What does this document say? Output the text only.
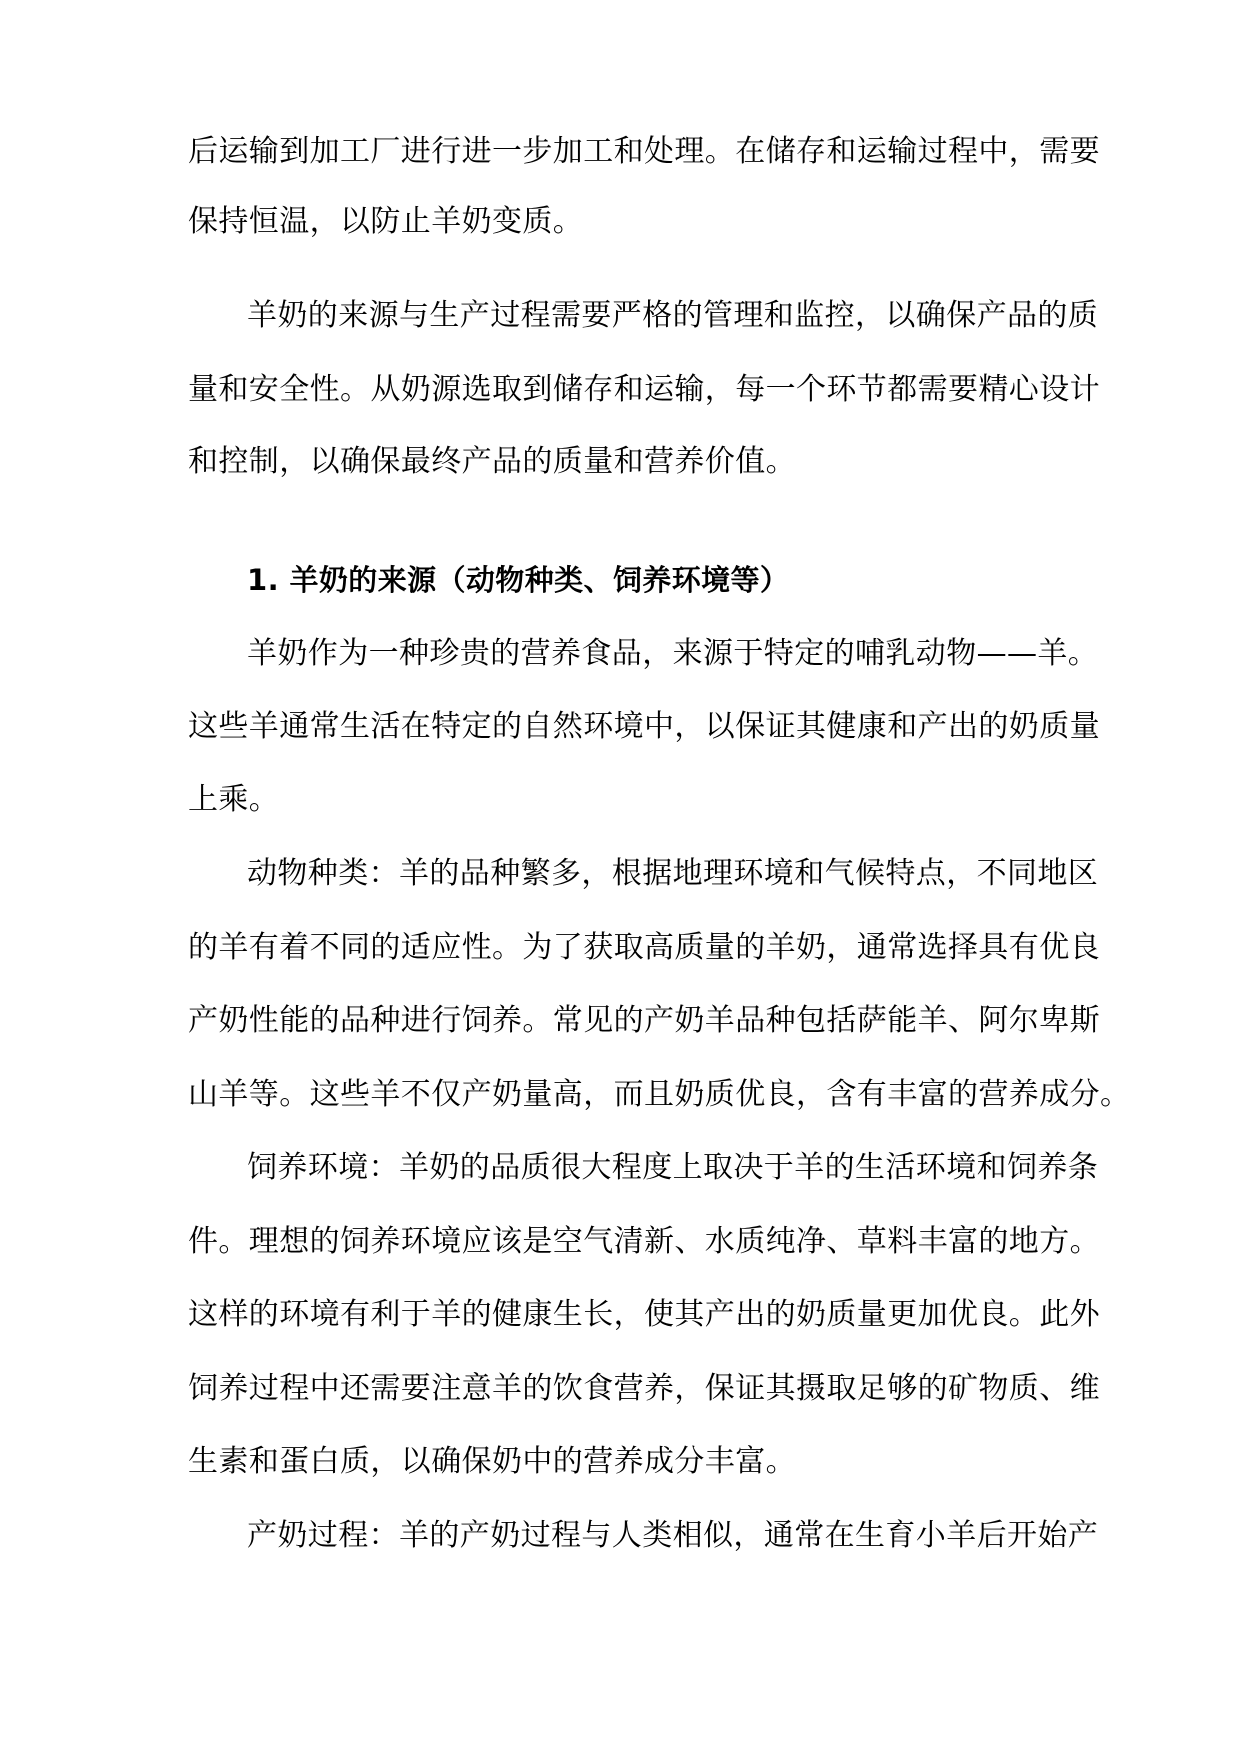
后运输到加工厂进行进一步加工和处理。在储存和运输过程中，需要
保持恒温，以防止羊奶变质。
羊奶的来源与生产过程需要严格的管理和监控，以确保产品的质
量和安全性。从奶源选取到储存和运输，每一个环节都需要精心设计
和控制，以确保最终产品的质量和营养价值。
1. 羊奶的来源（动物种类、饲养环境等）
羊奶作为一种珍贵的营养食品，来源于特定的哺乳动物——羊。
这些羊通常生活在特定的自然环境中，以保证其健康和产出的奶质量
上乘。
动物种类：羊的品种繁多，根据地理环境和气候特点，不同地区
的羊有着不同的适应性。为了获取高质量的羊奶，通常选择具有优良
产奶性能的品种进行饲养。常见的产奶羊品种包括萨能羊、阿尔卑斯
山羊等。这些羊不仅产奶量高，而且奶质优良，含有丰富的营养成分。
饲养环境：羊奶的品质很大程度上取决于羊的生活环境和饲养条
件。理想的饲养环境应该是空气清新、水质纯净、草料丰富的地方。
这样的环境有利于羊的健康生长，使其产出的奶质量更加优良。此外
饲养过程中还需要注意羊的饮食营养，保证其摄取足够的矿物质、维
生素和蛋白质，以确保奶中的营养成分丰富。
产奶过程：羊的产奶过程与人类相似，通常在生育小羊后开始产
